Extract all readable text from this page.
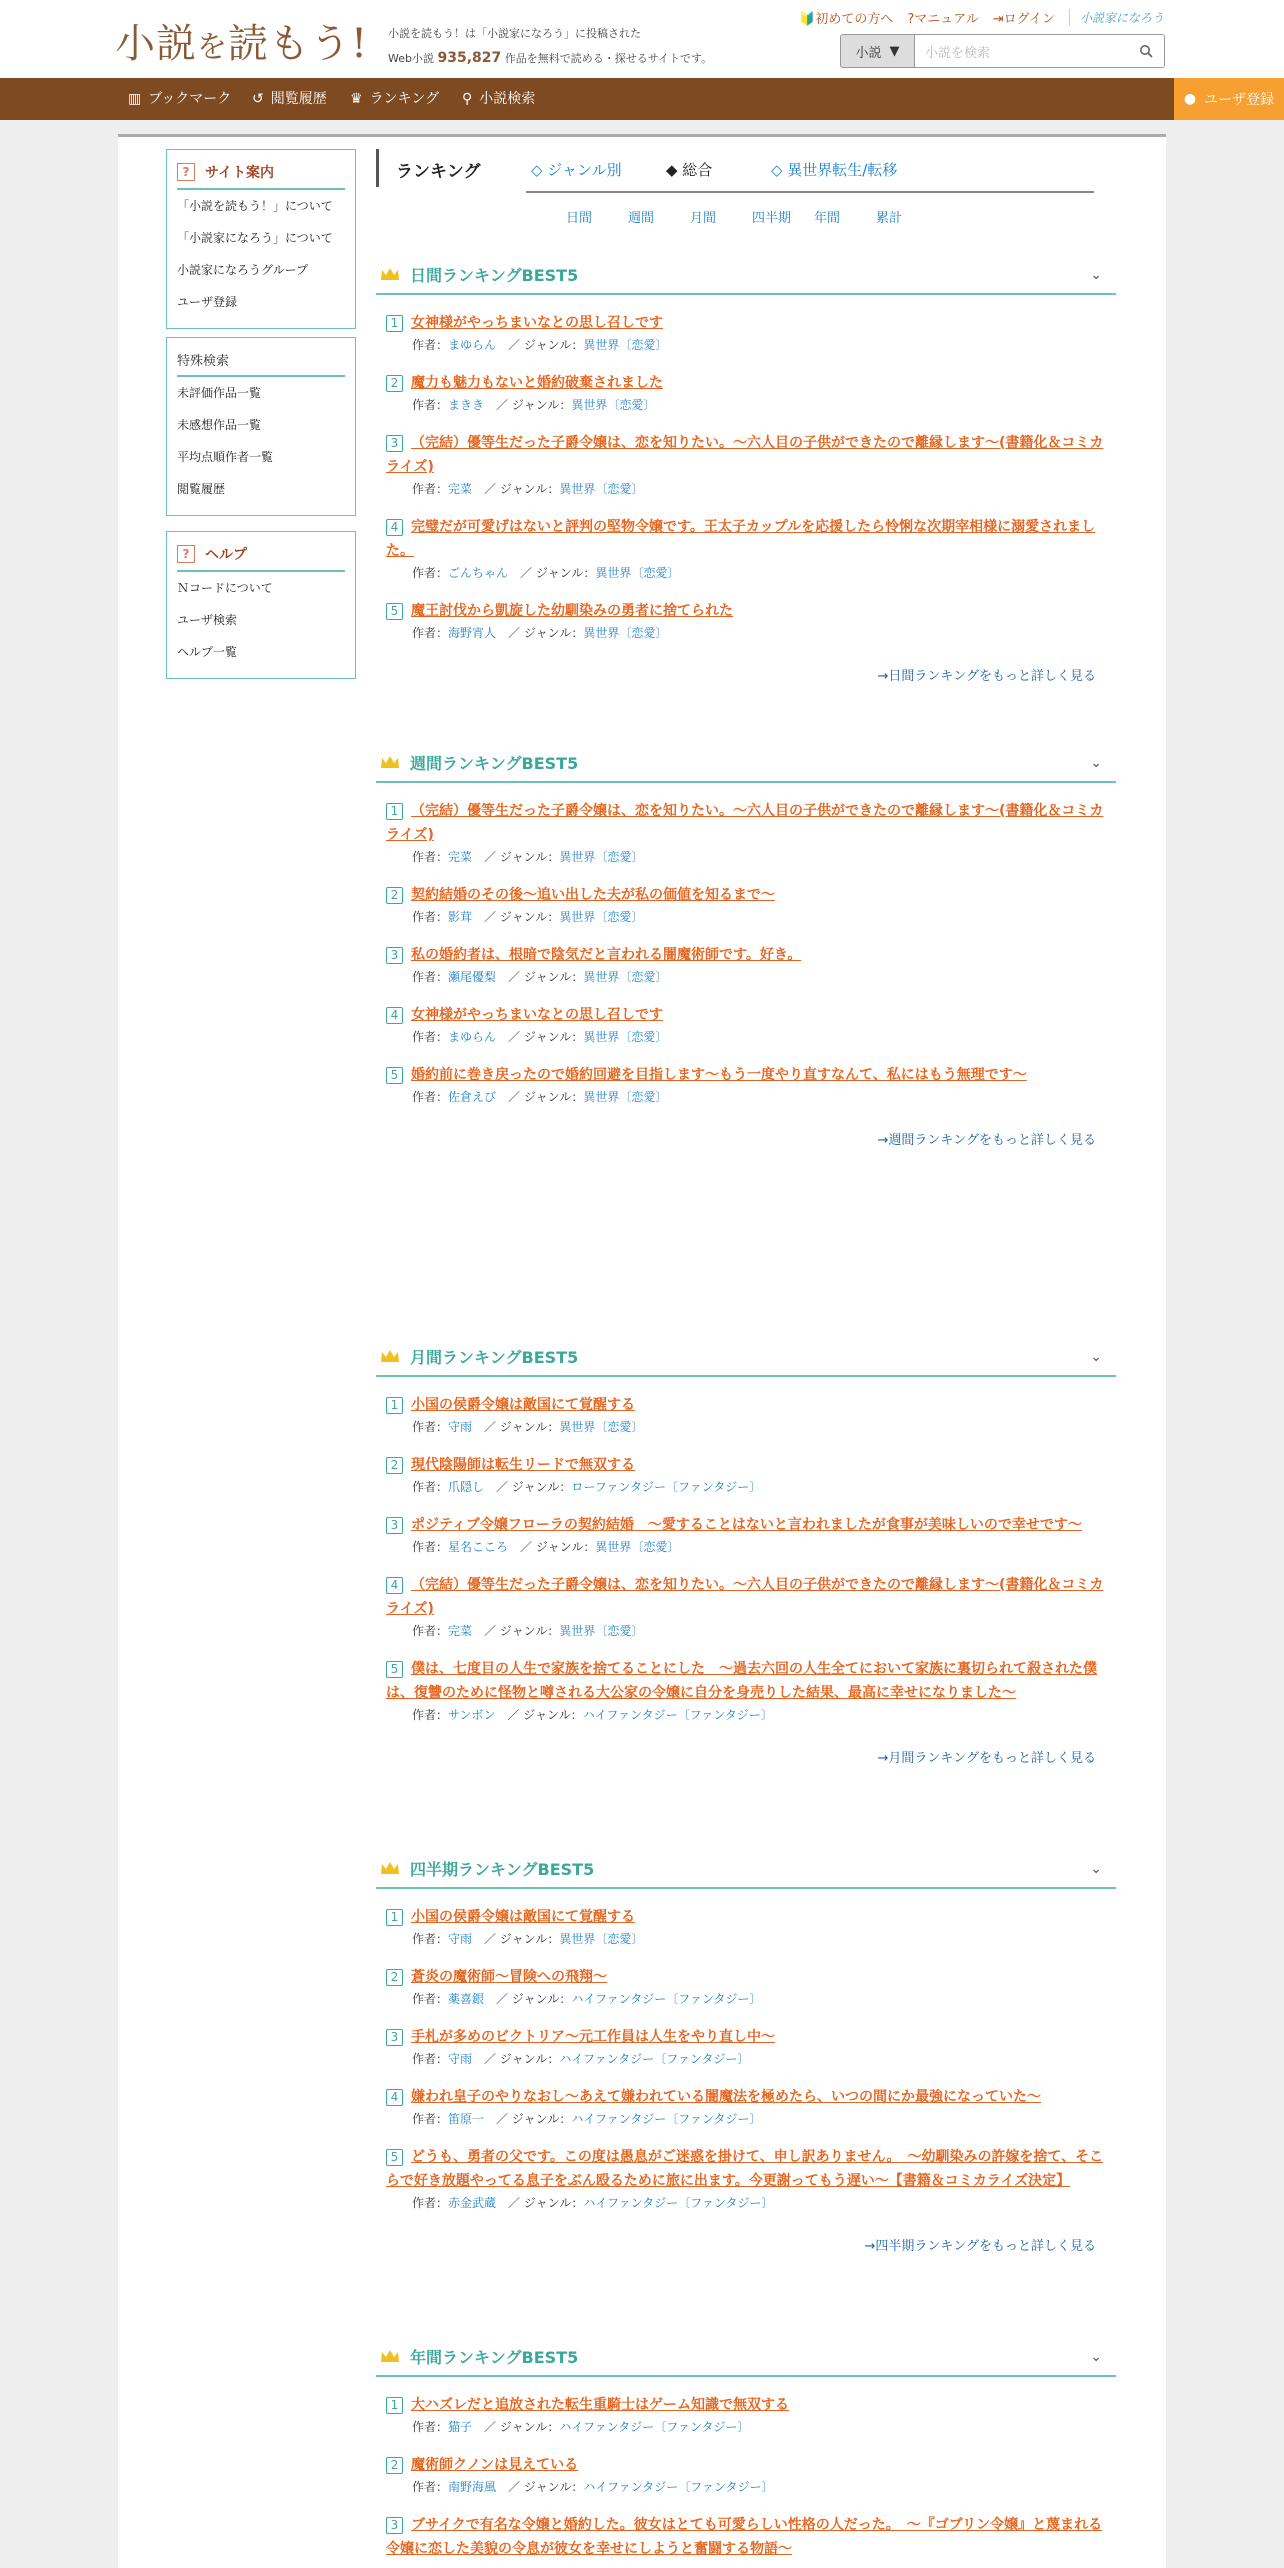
小説を読もう! 小説を読もう！は「小説家になろう」に投稿された
Web小説 935,827 作品を無料で読める・探せるサイトです。
🔰初めての方へ ?マニュアル ⇥ログイン	小説家になろう
小説 ▼	小説を検索
▥ ブックマーク ↺ 閲覧履歴 ♛ ランキング ⚲ 小説検索	● ユーザ登録
?	サイト案内
「小説を読もう！」について
「小説家になろう」について
小説家になろうグループ
ユーザ登録
特殊検索
未評価作品一覧
未感想作品一覧
平均点順作者一覧
閲覧履歴
?	ヘルプ
Ｎコードについて
ユーザ検索
ヘルプ一覧
ランキング	◇ ジャンル別	◆ 総合	◇ 異世界転生/転移
日間	週間	月間	四半期	年間	累計
日間ランキングBEST5	⌄
1 女神様がやっちまいなとの思し召しです
作者：まゆらん　 ／ ジャンル：異世界〔恋愛〕
2 魔力も魅力もないと婚約破棄されました
作者：まきき　 ／ ジャンル：異世界〔恋愛〕
3 （完結）優等生だった子爵令嬢は、恋を知りたい。～六人目の子供ができたので離縁します～(書籍化＆コミカライズ)
作者：完菜　 ／ ジャンル：異世界〔恋愛〕
4 完璧だが可愛げはないと評判の堅物令嬢です。王太子カップルを応援したら怜悧な次期宰相様に溺愛されました。
作者：ごんちゃん　 ／ ジャンル：異世界〔恋愛〕
5 魔王討伐から凱旋した幼馴染みの勇者に捨てられた
作者：海野宵人　 ／ ジャンル：異世界〔恋愛〕
→日間ランキングをもっと詳しく見る
週間ランキングBEST5	⌄
1 （完結）優等生だった子爵令嬢は、恋を知りたい。～六人目の子供ができたので離縁します～(書籍化＆コミカライズ)
作者：完菜　 ／ ジャンル：異世界〔恋愛〕
2 契約結婚のその後～追い出した夫が私の価値を知るまで～
作者：影茸　 ／ ジャンル：異世界〔恋愛〕
3 私の婚約者は、根暗で陰気だと言われる闇魔術師です。好き。
作者：瀬尾優梨　 ／ ジャンル：異世界〔恋愛〕
4 女神様がやっちまいなとの思し召しです
作者：まゆらん　 ／ ジャンル：異世界〔恋愛〕
5 婚約前に巻き戻ったので婚約回避を目指します～もう一度やり直すなんて、私にはもう無理です～
作者：佐倉えび　 ／ ジャンル：異世界〔恋愛〕
→週間ランキングをもっと詳しく見る
月間ランキングBEST5	⌄
1 小国の侯爵令嬢は敵国にて覚醒する
作者：守雨　 ／ ジャンル：異世界〔恋愛〕
2 現代陰陽師は転生リードで無双する
作者：爪隠し　 ／ ジャンル：ローファンタジー〔ファンタジー〕
3 ポジティブ令嬢フローラの契約結婚　～愛することはないと言われましたが食事が美味しいので幸せです～
作者：星名こころ　 ／ ジャンル：異世界〔恋愛〕
4 （完結）優等生だった子爵令嬢は、恋を知りたい。～六人目の子供ができたので離縁します～(書籍化＆コミカライズ)
作者：完菜　 ／ ジャンル：異世界〔恋愛〕
5 僕は、七度目の人生で家族を捨てることにした　～過去六回の人生全てにおいて家族に裏切られて殺された僕は、復讐のために怪物と噂される大公家の令嬢に自分を身売りした結果、最高に幸せになりました～
作者：サンボン　 ／ ジャンル：ハイファンタジー〔ファンタジー〕
→月間ランキングをもっと詳しく見る
四半期ランキングBEST5	⌄
1 小国の侯爵令嬢は敵国にて覚醒する
作者：守雨　 ／ ジャンル：異世界〔恋愛〕
2 蒼炎の魔術師～冒険への飛翔～
作者：薬喜銀　 ／ ジャンル：ハイファンタジー〔ファンタジー〕
3 手札が多めのビクトリア～元工作員は人生をやり直し中～
作者：守雨　 ／ ジャンル：ハイファンタジー〔ファンタジー〕
4 嫌われ皇子のやりなおし～あえて嫌われている闇魔法を極めたら、いつの間にか最強になっていた～
作者：笛原一　 ／ ジャンル：ハイファンタジー〔ファンタジー〕
5 どうも、勇者の父です。この度は愚息がご迷惑を掛けて、申し訳ありません。　～幼馴染みの許嫁を捨て、そこらで好き放題やってる息子をぶん殴るために旅に出ます。今更謝ってもう遅い～【書籍＆コミカライズ決定】
作者：赤金武蔵　 ／ ジャンル：ハイファンタジー〔ファンタジー〕
→四半期ランキングをもっと詳しく見る
年間ランキングBEST5	⌄
1 大ハズレだと追放された転生重騎士はゲーム知識で無双する
作者：猫子　 ／ ジャンル：ハイファンタジー〔ファンタジー〕
2 魔術師クノンは見えている
作者：南野海風　 ／ ジャンル：ハイファンタジー〔ファンタジー〕
3 ブサイクで有名な令嬢と婚約した。彼女はとても可愛らしい性格の人だった。　～『ゴブリン令嬢』と蔑まれる令嬢に恋した美貌の令息が彼女を幸せにしようと奮闘する物語～
